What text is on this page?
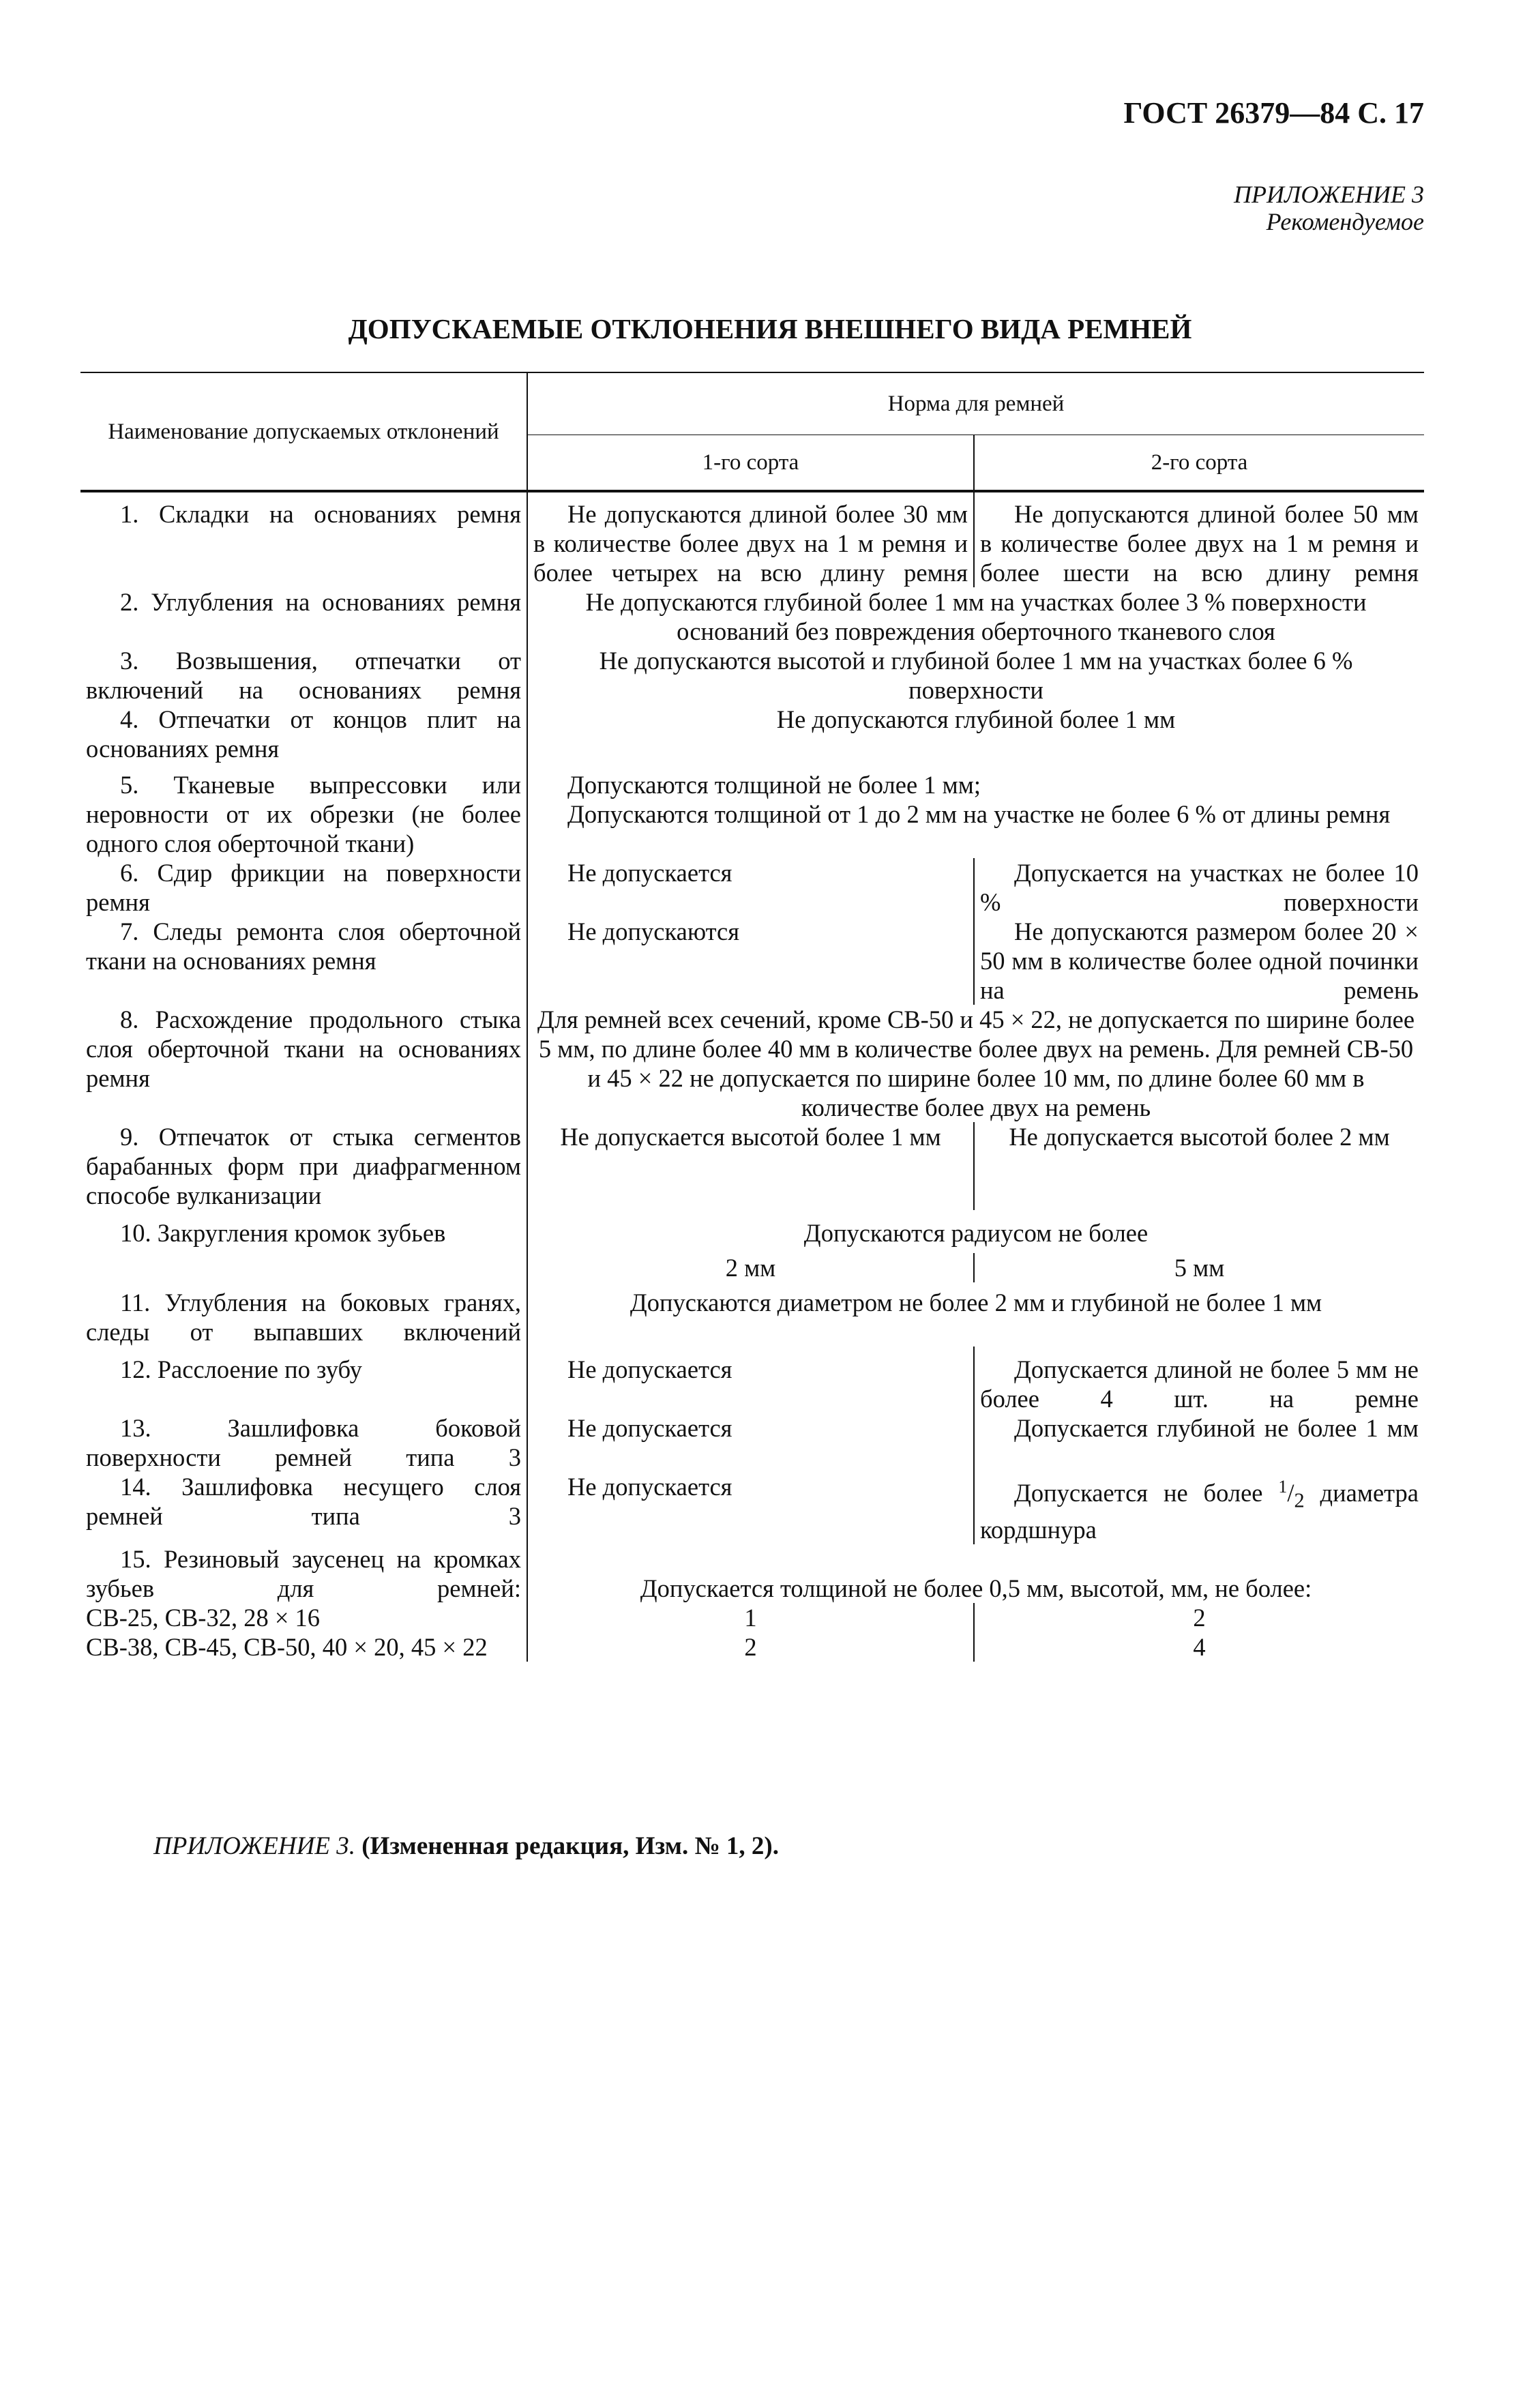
ГОСТ 26379—84 С. 17
ПРИЛОЖЕНИЕ 3
Рекомендуемое
ДОПУСКАЕМЫЕ ОТКЛОНЕНИЯ ВНЕШНЕГО ВИДА РЕМНЕЙ
Наименование допускаемых отклонений	Норма для ремней	
	1-го сорта	2-го сорта
1. Складки на основаниях ремня	Не допускаются длиной более 30 мм в количестве более двух на 1 м ремня и более четырех на всю длину ремня	Не допускаются длиной более 50 мм в количестве более двух на 1 м ремня и более шести на всю длину ремня
2. Углубления на основаниях ремня	Не допускаются глубиной более 1 мм на участках более 3 % поверхности оснований без повреждения оберточного тканевого слоя	
3. Возвышения, отпечатки от включений на основаниях ремня	Не допускаются высотой и глубиной более 1 мм на участках более 6 % поверхности	
4. Отпечатки от концов плит на основаниях ремня	Не допускаются глубиной более 1 мм	
5. Тканевые выпрессовки или неровности от их обрезки (не более одного слоя оберточной ткани)	Допускаются толщиной не более 1 мм;
Допускаются толщиной от 1 до 2 мм на участке не более 6 % от длины ремня	

6. Сдир фрикции на поверхности ремня	Не допускается	Допускается на участках не более 10 % поверхности
7. Следы ремонта слоя оберточной ткани на основаниях ремня	Не допускаются	Не допускаются размером более 20 × 50 мм в количестве более одной починки на ремень
8. Расхождение продольного стыка слоя оберточной ткани на основаниях ремня	Для ремней всех сечений, кроме СВ-50 и 45 × 22, не допускается по ширине более 5 мм, по длине более 40 мм в количестве более двух на ремень. Для ремней СВ-50 и 45 × 22 не допускается по ширине более 10 мм, по длине более 60 мм в количестве более двух на ремень	
9. Отпечаток от стыка сегментов барабанных форм при диафрагменном способе вулканизации	Не допускается высотой более 1 мм	Не допускается высотой более 2 мм
10. Закругления кромок зубьев	Допускаются радиусом не более	
	2 мм	5 мм
11. Углубления на боковых гранях, следы от выпавших включений	Допускаются диаметром не более 2 мм и глубиной не более 1 мм	
12. Расслоение по зубу	Не допускается	Допускается длиной не более 5 мм не более 4 шт. на ремне
13. Зашлифовка боковой поверхности ремней типа 3	Не допускается	Допускается глубиной не более 1 мм
14. Зашлифовка несущего слоя ремней типа 3	Не допускается	Допускается не более $^1/_2$ диаметра кордшнура
15. Резиновый заусенец на кромках зубьев для ремней:	Допускается толщиной не более 0,5 мм, высотой, мм, не более:	
СВ-25, СВ-32, 28 × 16	1	2
СВ-38, СВ-45, СВ-50, 40 × 20, 45 × 22	2	4
ПРИЛОЖЕНИЕ 3. (Измененная редакция, Изм. № 1, 2).
